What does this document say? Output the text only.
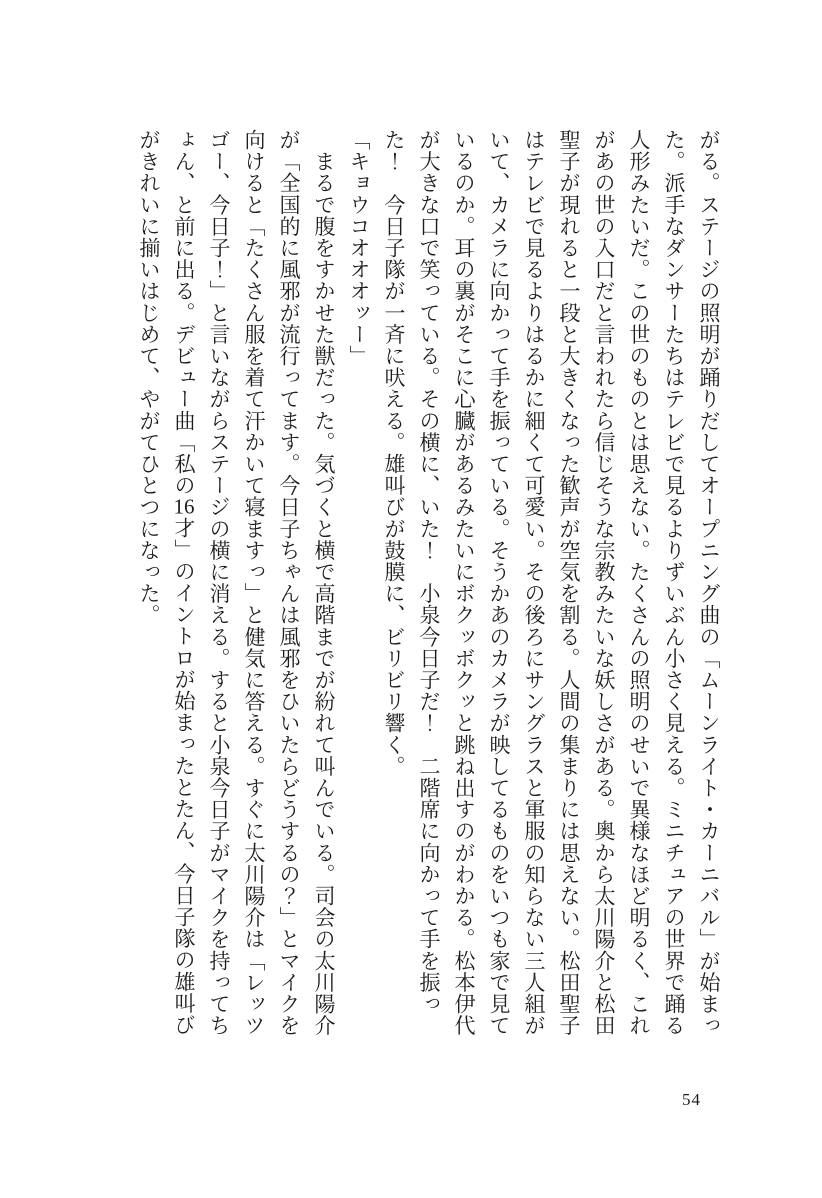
がる。ステージの照明が踊りだしてオープニング曲の「ムーンライト・カーニバル」が始まっ
た。派手なダンサーたちはテレビで見るよりずいぶん小さく見える。ミニチュアの世界で踊る
人形みたいだ。この世のものとは思えない。たくさんの照明のせいで異様なほど明るく、これ
があの世の入口だと言われたら信じそうな宗教みたいな妖しさがある。奥から太川陽介と松田
聖子が現れると一段と大きくなった歓声が空気を割る。人間の集まりには思えない。松田聖子
はテレビで見るよりはるかに細くて可愛い。その後ろにサングラスと軍服の知らない三人組が
いて、カメラに向かって手を振っている。そうかあのカメラが映してるものをいつも家で見て
いるのか。耳の裏がそこに心臓があるみたいにボクッボクッと跳ね出すのがわかる。松本伊代
が大きな口で笑っている。その横に、いた！　小泉今日子だ！　二階席に向かって手を振っ
た！　今日子隊が一斉に吠える。雄叫びが鼓膜に、ビリビリ響く。
「キョウコオオオッー」
　まるで腹をすかせた獣だった。気づくと横で高階までが紛れて叫んでいる。司会の太川陽介
が「全国的に風邪が流行ってます。今日子ちゃんは風邪をひいたらどうするの？」とマイクを
向けると「たくさん服を着て汗かいて寝ますっ」と健気に答える。すぐに太川陽介は「レッツ
ゴー、今日子！」と言いながらステージの横に消える。すると小泉今日子がマイクを持ってち
ょん、と前に出る。デビュー曲「私の16才」のイントロが始まったとたん、今日子隊の雄叫び
がきれいに揃いはじめて、やがてひとつになった。
54
